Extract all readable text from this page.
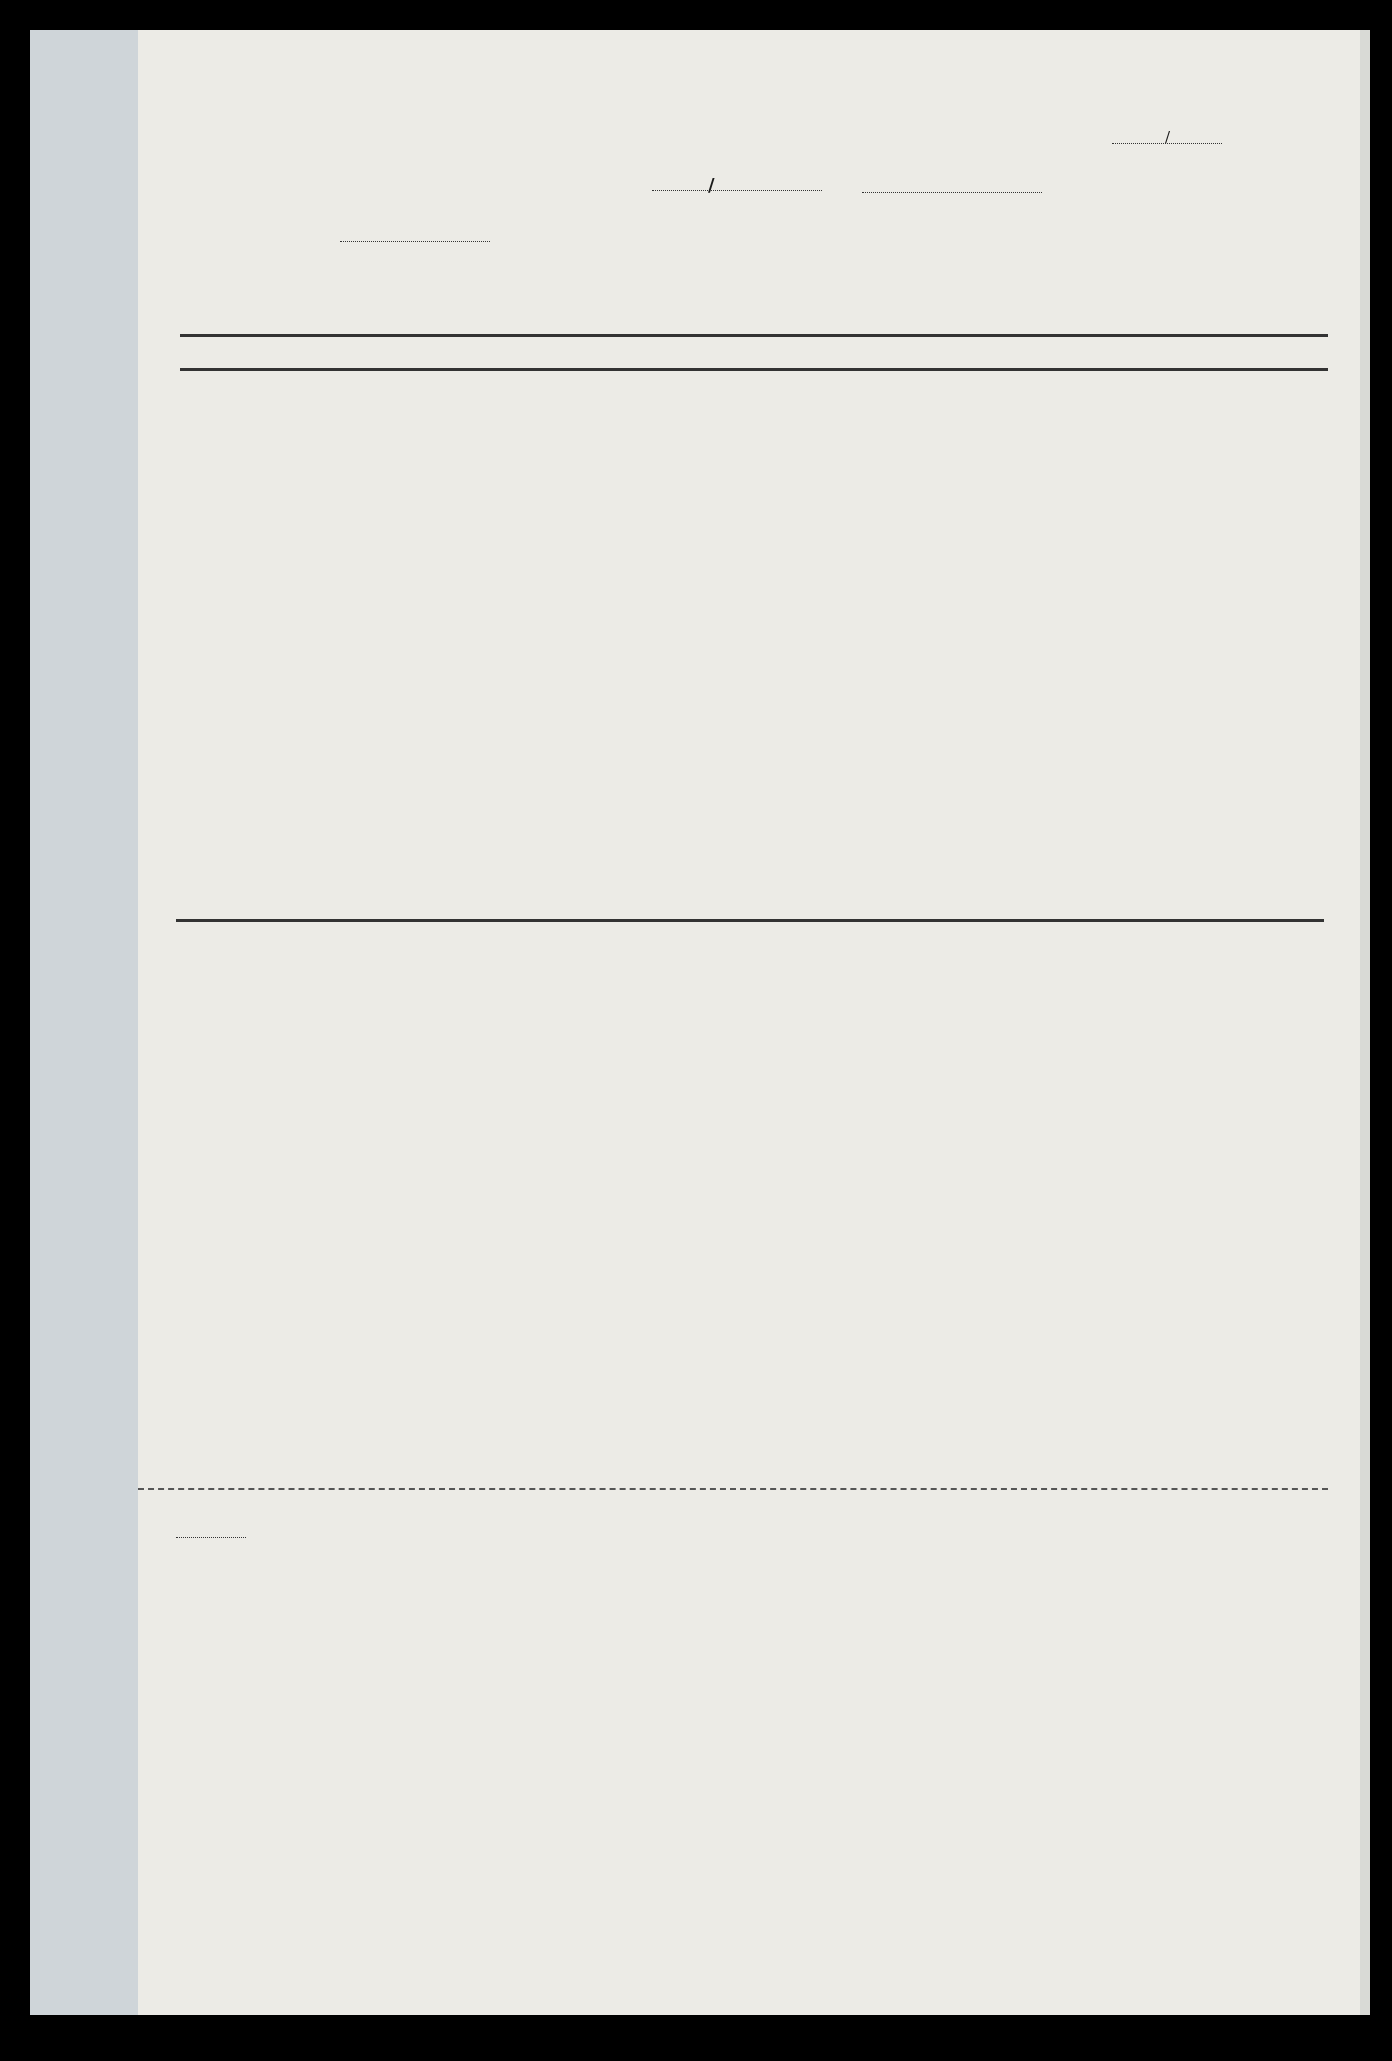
/
/
